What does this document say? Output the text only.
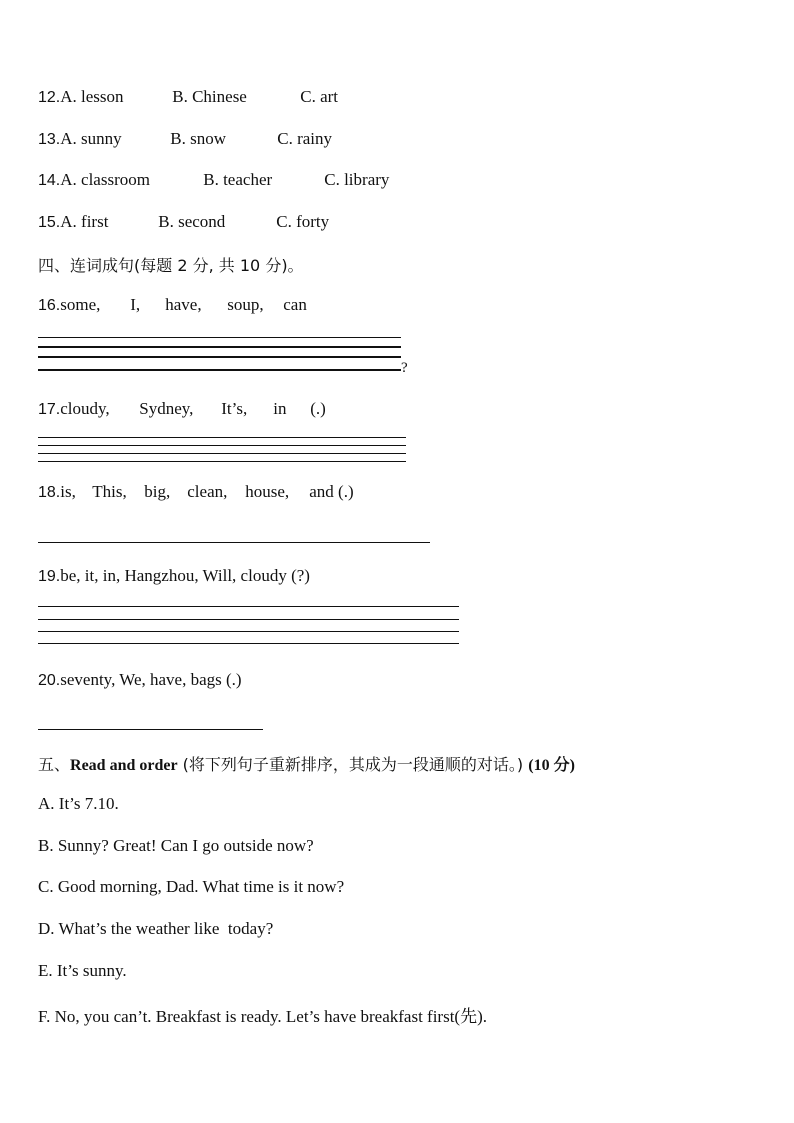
12.A. lesson	B. Chinese	C. art
13.A. sunny	B. snow	C. rainy
14.A. classroom	B. teacher	C. library
15.A. first	B. second	C. forty
四、连词成句(每题 2 分, 共 10 分)。
16.some, I, have, soup, can
?
17.cloudy, Sydney, It’s, in (.)
18.is, This, big, clean, house, and (.)
19.be, it, in, Hangzhou, Will, cloudy (?)
20.seventy, We, have, bags (.)
五、Read and order (将下列句子重新排序，其成为一段通顺的对话。) (10 分)
A. It’s 7.10.
B. Sunny? Great! Can I go outside now?
C. Good morning, Dad. What time is it now?
D. What’s the weather like  today?
E. It’s sunny.
F. No, you can’t. Breakfast is ready. Let’s have breakfast first(先).
